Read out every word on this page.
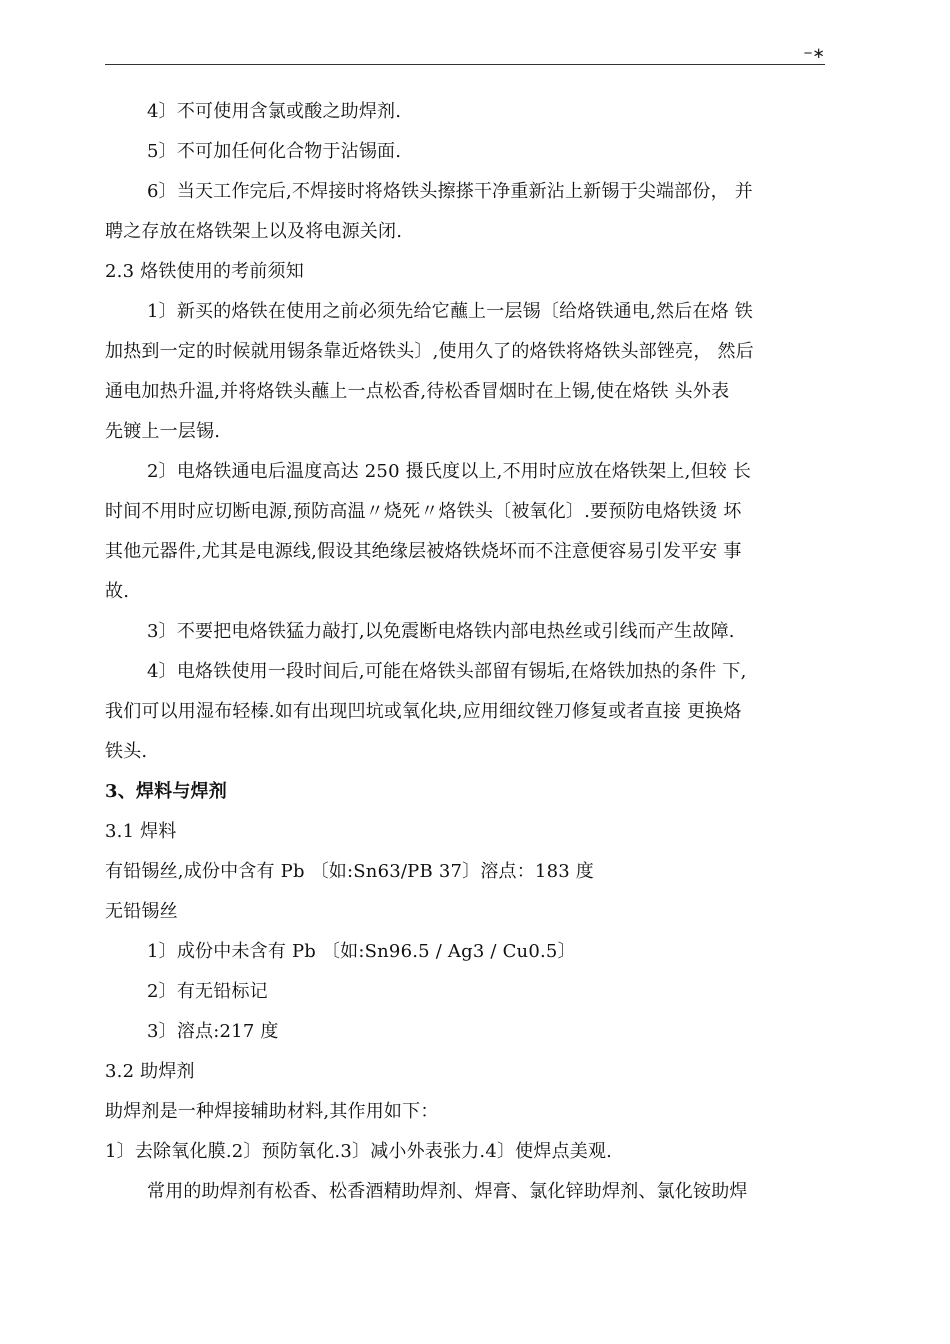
−∗
4〕不可使用含氯或酸之助焊剂.
5〕不可加任何化合物于沾锡面.
6〕当天工作完后,不焊接时将烙铁头擦搽干净重新沾上新锡于尖端部份， 并
聘之存放在烙铁架上以及将电源关闭.
2.3 烙铁使用的考前须知
1〕新买的烙铁在使用之前必须先给它蘸上一层锡〔给烙铁通电,然后在烙 铁
加热到一定的时候就用锡条靠近烙铁头〕,使用久了的烙铁将烙铁头部锉亮， 然后
通电加热升温,并将烙铁头蘸上一点松香,待松香冒烟时在上锡,使在烙铁 头外表
先镀上一层锡.
2〕电烙铁通电后温度高达 250 摄氏度以上,不用时应放在烙铁架上,但较 长
时间不用时应切断电源,预防高温〃烧死〃烙铁头〔被氧化〕.要预防电烙铁烫 坏
其他元器件,尤其是电源线,假设其绝缘层被烙铁烧坏而不注意便容易引发平安 事
故.
3〕不要把电烙铁猛力敲打,以免震断电烙铁内部电热丝或引线而产生故障.
4〕电烙铁使用一段时间后,可能在烙铁头部留有锡垢,在烙铁加热的条件 下,
我们可以用湿布轻榛.如有出现凹坑或氧化块,应用细纹锉刀修复或者直接 更换烙
铁头.
3、焊料与焊剂
3.1 焊料
有铅锡丝,成份中含有 Pb 〔如:Sn63/PB 37〕溶点：183 度
无铅锡丝
1〕成份中未含有 Pb 〔如:Sn96.5 / Ag3 / Cu0.5〕
2〕有无铅标记
3〕溶点:217 度
3.2 助焊剂
助焊剂是一种焊接辅助材料,其作用如下：
1〕去除氧化膜.2〕预防氧化.3〕减小外表张力.4〕使焊点美观.
常用的助焊剂有松香、松香酒精助焊剂、焊膏、氯化锌助焊剂、氯化铵助焊
